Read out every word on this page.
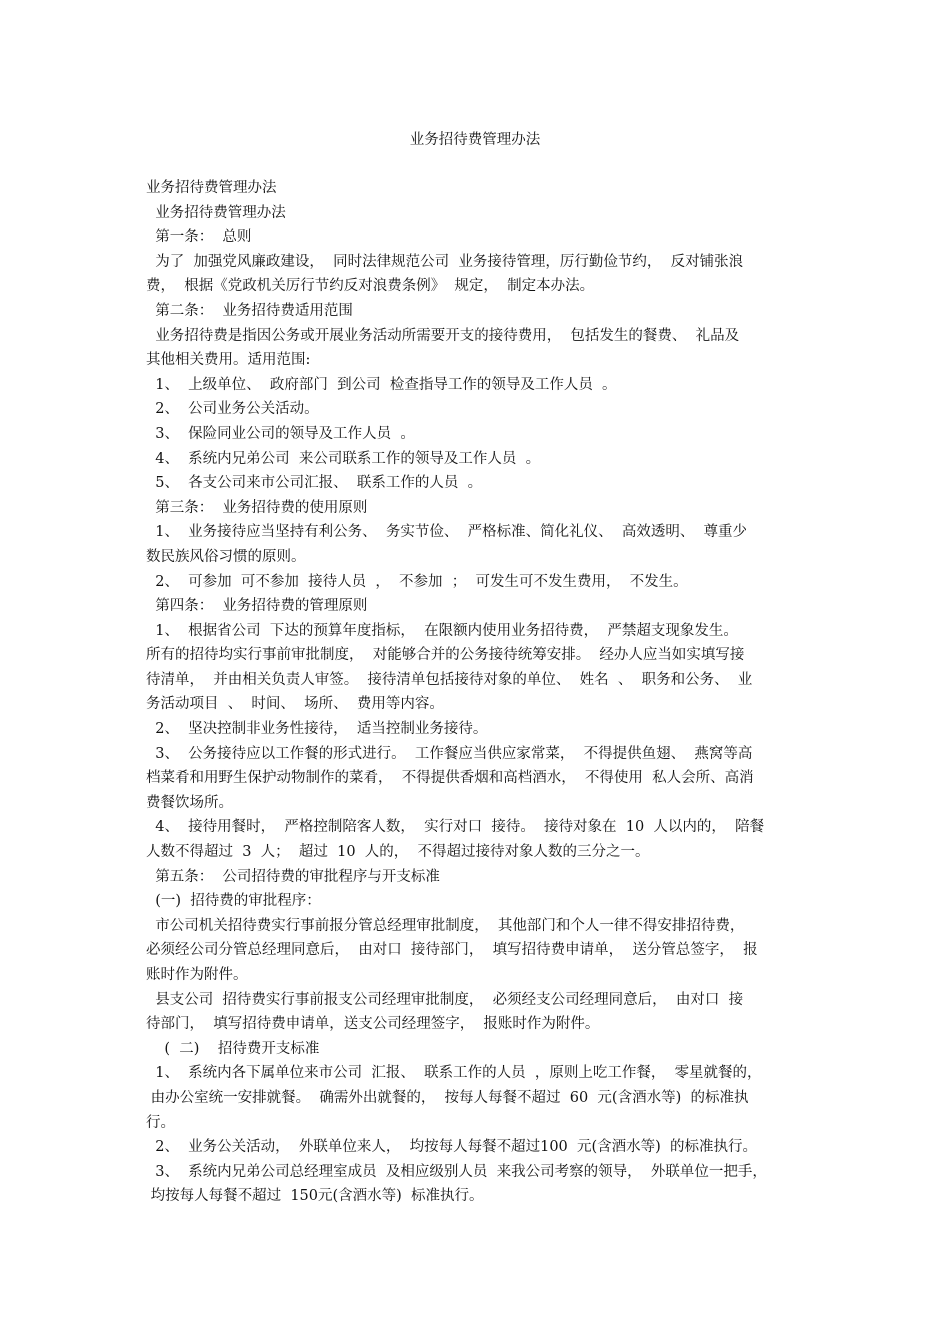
业务招待费管理办法
业务招待费管理办法
业务招待费管理办法
第一条：  总则
为了  加强党风廉政建设，  同时法律规范公司  业务接待管理，厉行勤俭节约，  反对铺张浪
费，  根据《党政机关厉行节约反对浪费条例》  规定，  制定本办法。
第二条：  业务招待费适用范围
业务招待费是指因公务或开展业务活动所需要开支的接待费用，  包括发生的餐费、  礼品及
其他相关费用。适用范围:
1、  上级单位、  政府部门  到公司  检查指导工作的领导及工作人员  。
2、  公司业务公关活动。
3、  保险同业公司的领导及工作人员  。
4、  系统内兄弟公司  来公司联系工作的领导及工作人员  。
5、  各支公司来市公司汇报、  联系工作的人员  。
第三条：  业务招待费的使用原则
1、  业务接待应当坚持有利公务、  务实节俭、  严格标准、简化礼仪、  高效透明、  尊重少
数民族风俗习惯的原则。
2、  可参加  可不参加  接待人员  ，  不参加  ；  可发生可不发生费用，  不发生。
第四条：  业务招待费的管理原则
1、  根据省公司  下达的预算年度指标，  在限额内使用业务招待费，  严禁超支现象发生。
所有的招待均实行事前审批制度，  对能够合并的公务接待统筹安排。  经办人应当如实填写接
待清单，  并由相关负责人审签。  接待清单包括接待对象的单位、  姓名  、  职务和公务、  业
务活动项目  、  时间、  场所、  费用等内容。
2、  坚决控制非业务性接待，  适当控制业务接待。
3、  公务接待应以工作餐的形式进行。  工作餐应当供应家常菜，  不得提供鱼翅、  燕窝等高
档菜肴和用野生保护动物制作的菜肴，  不得提供香烟和高档酒水，  不得使用  私人会所、高消
费餐饮场所。
4、  接待用餐时，  严格控制陪客人数，  实行对口  接待。  接待对象在  10  人以内的，  陪餐
人数不得超过  3  人；  超过  10  人的，  不得超过接待对象人数的三分之一。
第五条：  公司招待费的审批程序与开支标准
(一)  招待费的审批程序：
市公司机关招待费实行事前报分管总经理审批制度，  其他部门和个人一律不得安排招待费，
必须经公司分管总经理同意后，  由对口  接待部门，  填写招待费申请单，  送分管总签字，  报
账时作为附件。
县支公司  招待费实行事前报支公司经理审批制度，  必须经支公司经理同意后，  由对口  接
待部门，  填写招待费申请单，送支公司经理签字，  报账时作为附件。
(  二)    招待费开支标准
1、  系统内各下属单位来市公司  汇报、  联系工作的人员  ，原则上吃工作餐，  零星就餐的，
由办公室统一安排就餐。  确需外出就餐的，  按每人每餐不超过  60  元(含酒水等)  的标准执
行。
2、  业务公关活动，  外联单位来人，  均按每人每餐不超过100  元(含酒水等)  的标准执行。
3、  系统内兄弟公司总经理室成员  及相应级别人员  来我公司考察的领导，  外联单位一把手，
均按每人每餐不超过  150元(含酒水等)  标准执行。
